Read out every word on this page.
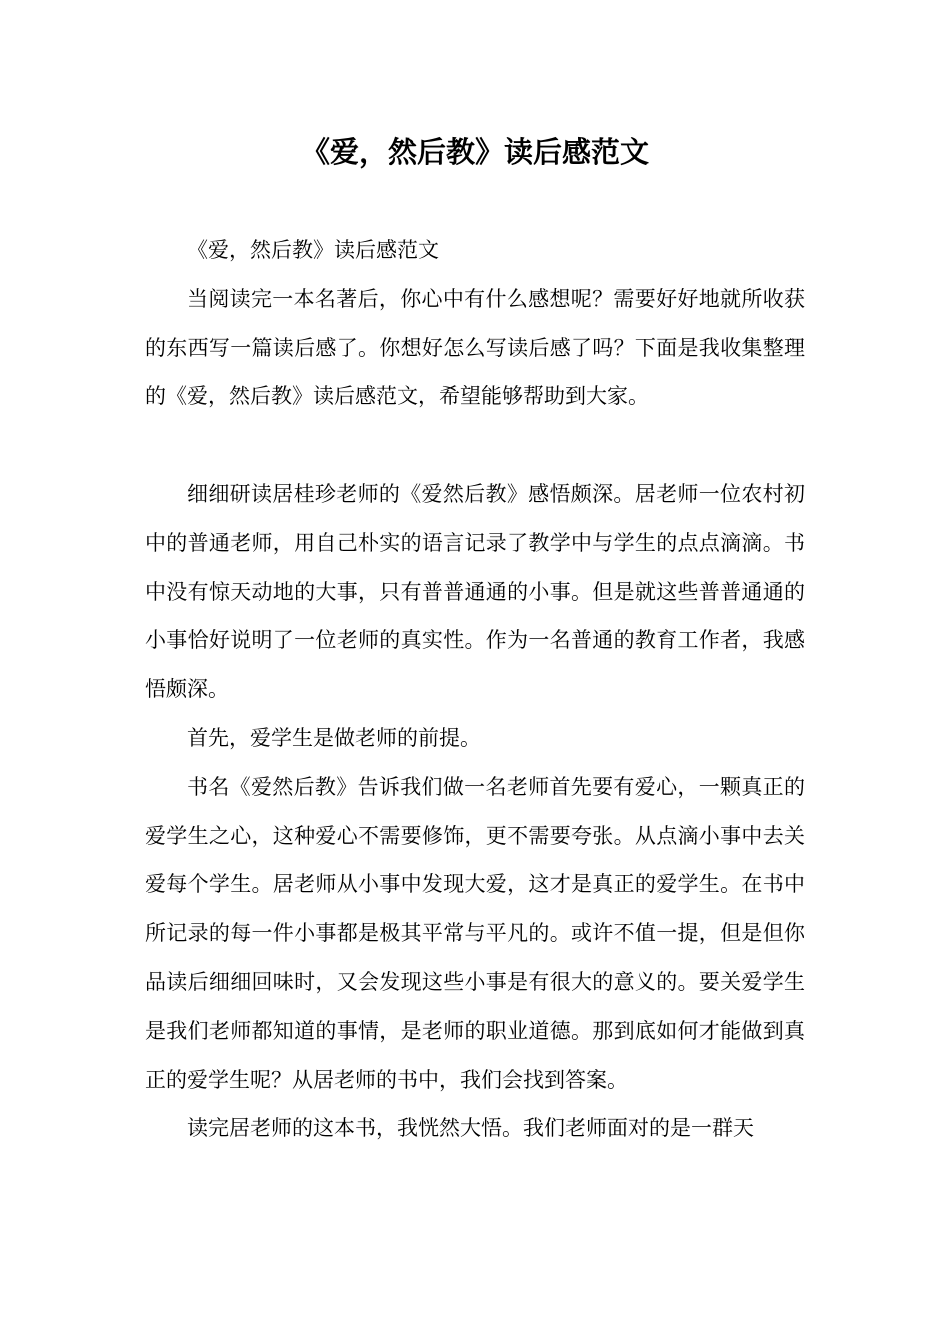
《爱，然后教》读后感范文

《爱，然后教》读后感范文

当阅读完一本名著后，你心中有什么感想呢？需要好好地就所收获的东西写一篇读后感了。你想好怎么写读后感了吗？下面是我收集整理的《爱，然后教》读后感范文，希望能够帮助到大家。

细细研读居桂珍老师的《爱然后教》感悟颇深。居老师一位农村初中的普通老师，用自己朴实的语言记录了教学中与学生的点点滴滴。书中没有惊天动地的大事，只有普普通通的小事。但是就这些普普通通的小事恰好说明了一位老师的真实性。作为一名普通的教育工作者，我感悟颇深。

首先，爱学生是做老师的前提。

书名《爱然后教》告诉我们做一名老师首先要有爱心，一颗真正的爱学生之心，这种爱心不需要修饰，更不需要夸张。从点滴小事中去关爱每个学生。居老师从小事中发现大爱，这才是真正的爱学生。在书中所记录的每一件小事都是极其平常与平凡的。或许不值一提，但是但你品读后细细回味时，又会发现这些小事是有很大的意义的。要关爱学生是我们老师都知道的事情，是老师的职业道德。那到底如何才能做到真正的爱学生呢？从居老师的书中，我们会找到答案。

读完居老师的这本书，我恍然大悟。我们老师面对的是一群天
